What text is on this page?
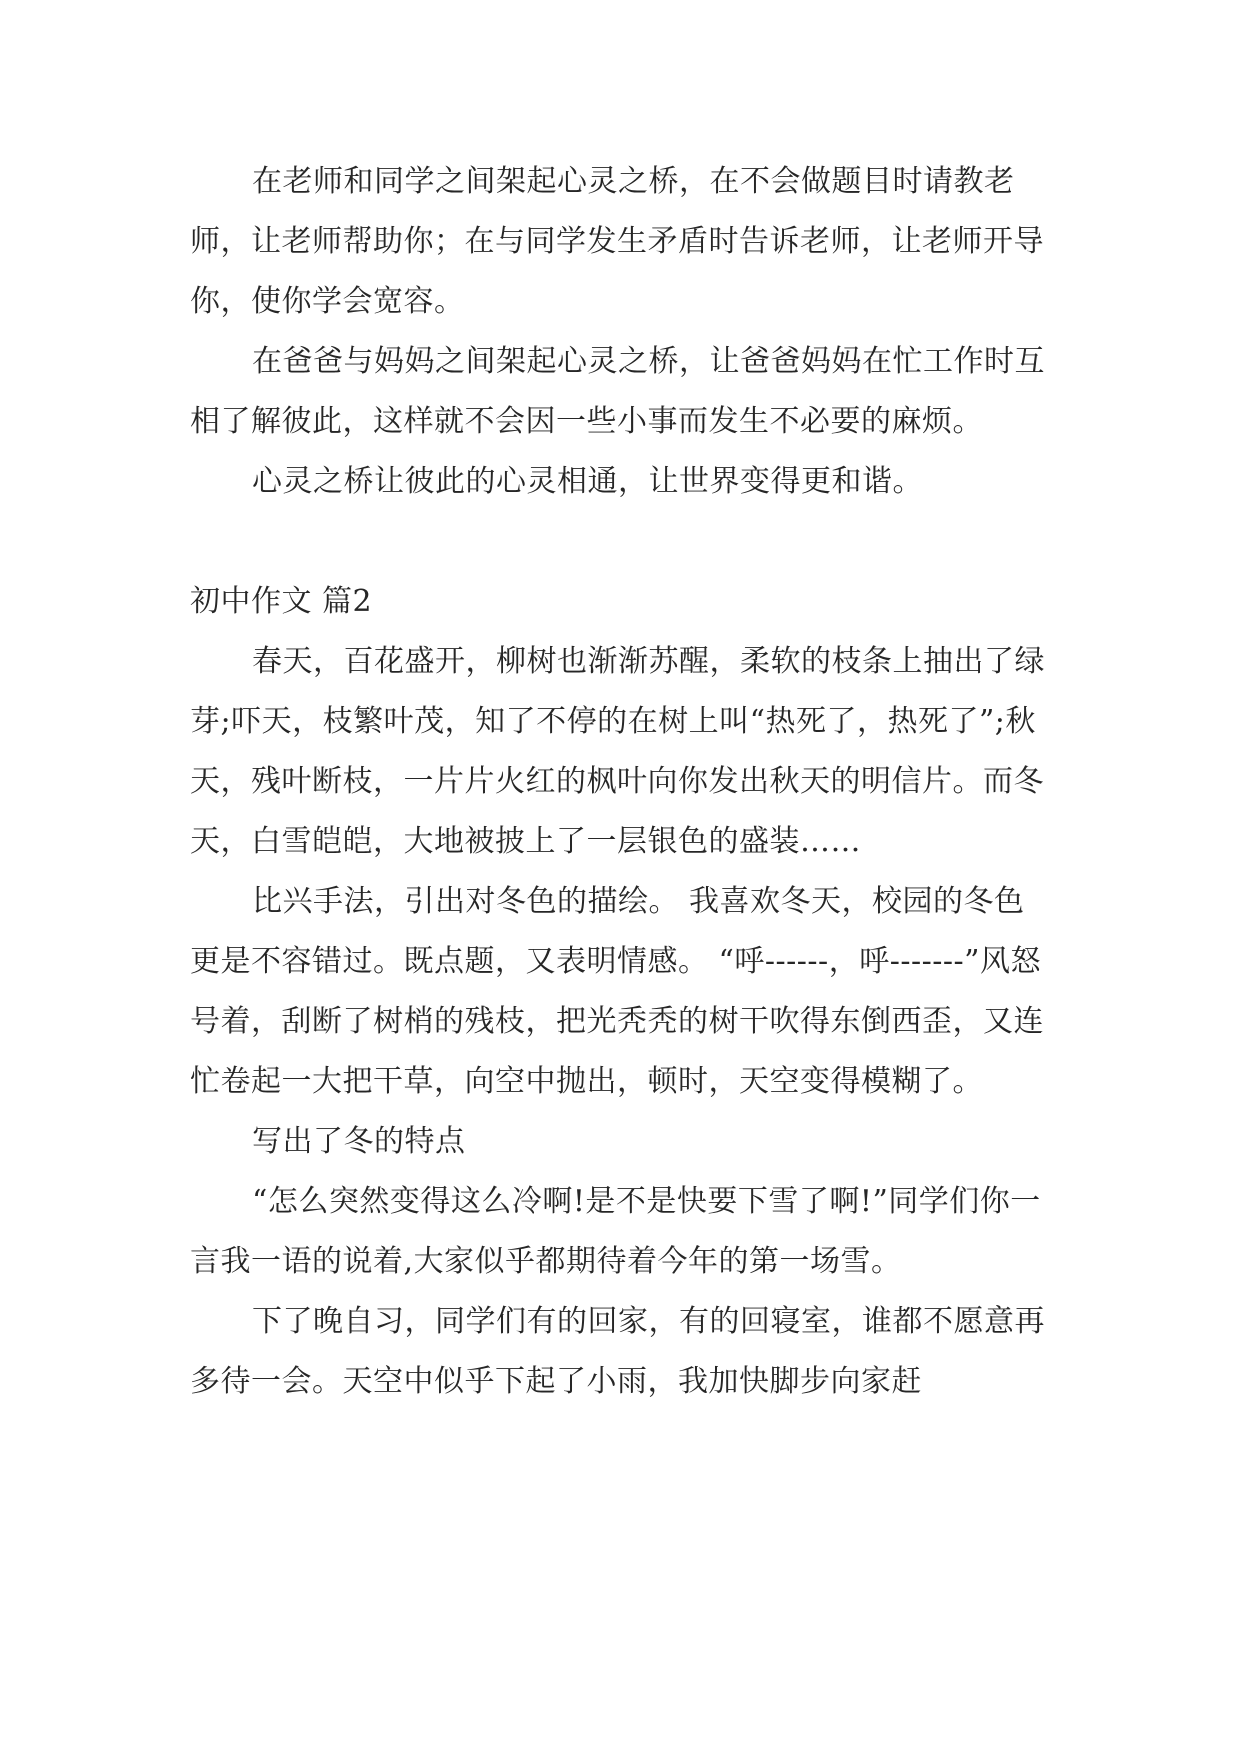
在老师和同学之间架起心灵之桥，在不会做题目时请教老师，让老师帮助你；在与同学发生矛盾时告诉老师，让老师开导你，使你学会宽容。

在爸爸与妈妈之间架起心灵之桥，让爸爸妈妈在忙工作时互相了解彼此，这样就不会因一些小事而发生不必要的麻烦。

心灵之桥让彼此的心灵相通，让世界变得更和谐。

初中作文 篇2

春天，百花盛开，柳树也渐渐苏醒，柔软的枝条上抽出了绿芽;吓天，枝繁叶茂，知了不停的在树上叫“热死了，热死了”;秋天，残叶断枝，一片片火红的枫叶向你发出秋天的明信片。而冬天，白雪皑皑，大地被披上了一层银色的盛装……

比兴手法，引出对冬色的描绘。 我喜欢冬天，校园的冬色更是不容错过。既点题，又表明情感。 “呼------，呼-------”风怒号着，刮断了树梢的残枝，把光秃秃的树干吹得东倒西歪，又连忙卷起一大把干草，向空中抛出，顿时，天空变得模糊了。

写出了冬的特点

“怎么突然变得这么冷啊!是不是快要下雪了啊!”同学们你一言我一语的说着,大家似乎都期待着今年的第一场雪。

下了晚自习，同学们有的回家，有的回寝室，谁都不愿意再多待一会。天空中似乎下起了小雨，我加快脚步向家赶
